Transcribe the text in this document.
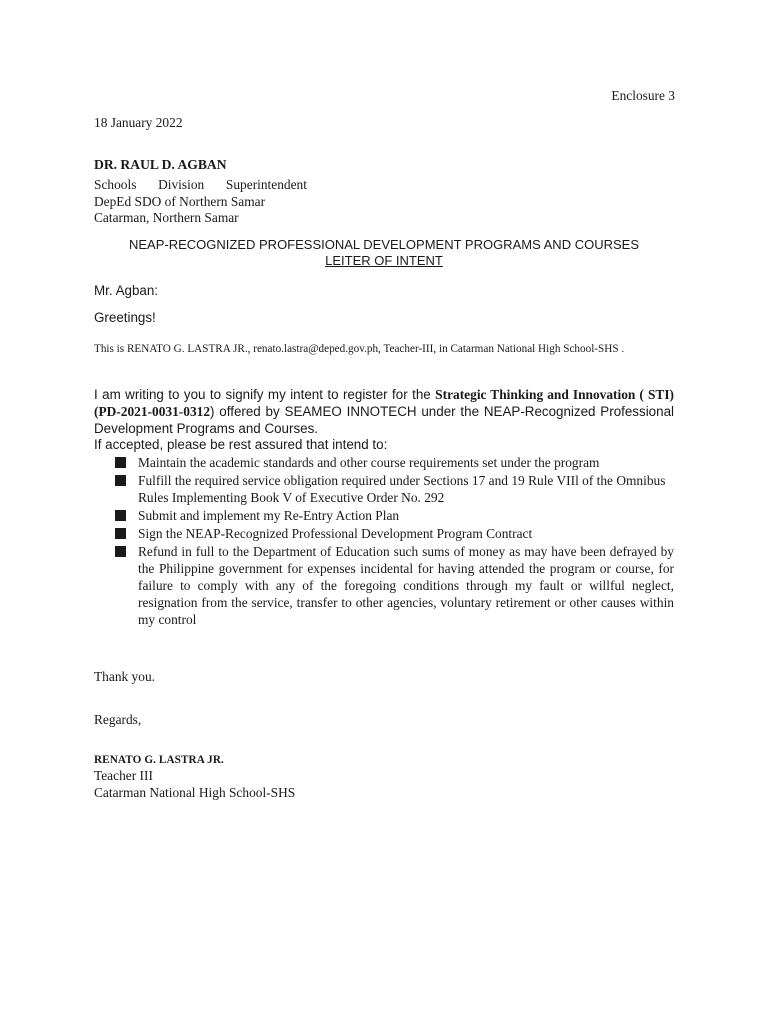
Enclosure 3

18 January 2022

DR. RAUL D. AGBAN

Schools Division Superintendent

DepEd SDO of Northern Samar

Catarman, Northern Samar

NEAP-RECOGNIZED PROFESSIONAL DEVELOPMENT PROGRAMS AND COURSES

LEITER OF INTENT

Mr. Agban:

Greetings!

This is RENATO G. LASTRA JR., renato.lastra@deped.gov.ph, Teacher-III, in Catarman National High School-SHS .

I am writing to you to signify my intent to register for the Strategic Thinking and Innovation ( STI) (PD-2021-0031-0312) offered by SEAMEO INNOTECH under the NEAP-Recognized Professional Development Programs and Courses.

If accepted, please be rest assured that intend to:

Maintain the academic standards and other course requirements set under the program
Fulfill the required service obligation required under Sections 17 and 19 Rule VIIl of the Omnibus
Rules Implementing Book V of Executive Order No. 292
Submit and implement my Re-Entry Action Plan
Sign the NEAP-Recognized Professional Development Program Contract
Refund in full to the Department of Education such sums of money as may have been defrayed by the Philippine government for expenses incidental for having attended the program or course, for failure to comply with any of the foregoing conditions through my fault or willful neglect, resignation from the service, transfer to other agencies, voluntary retirement or other causes within my control

Thank you.

Regards,

RENATO G. LASTRA JR.

Teacher III

Catarman National High School-SHS
